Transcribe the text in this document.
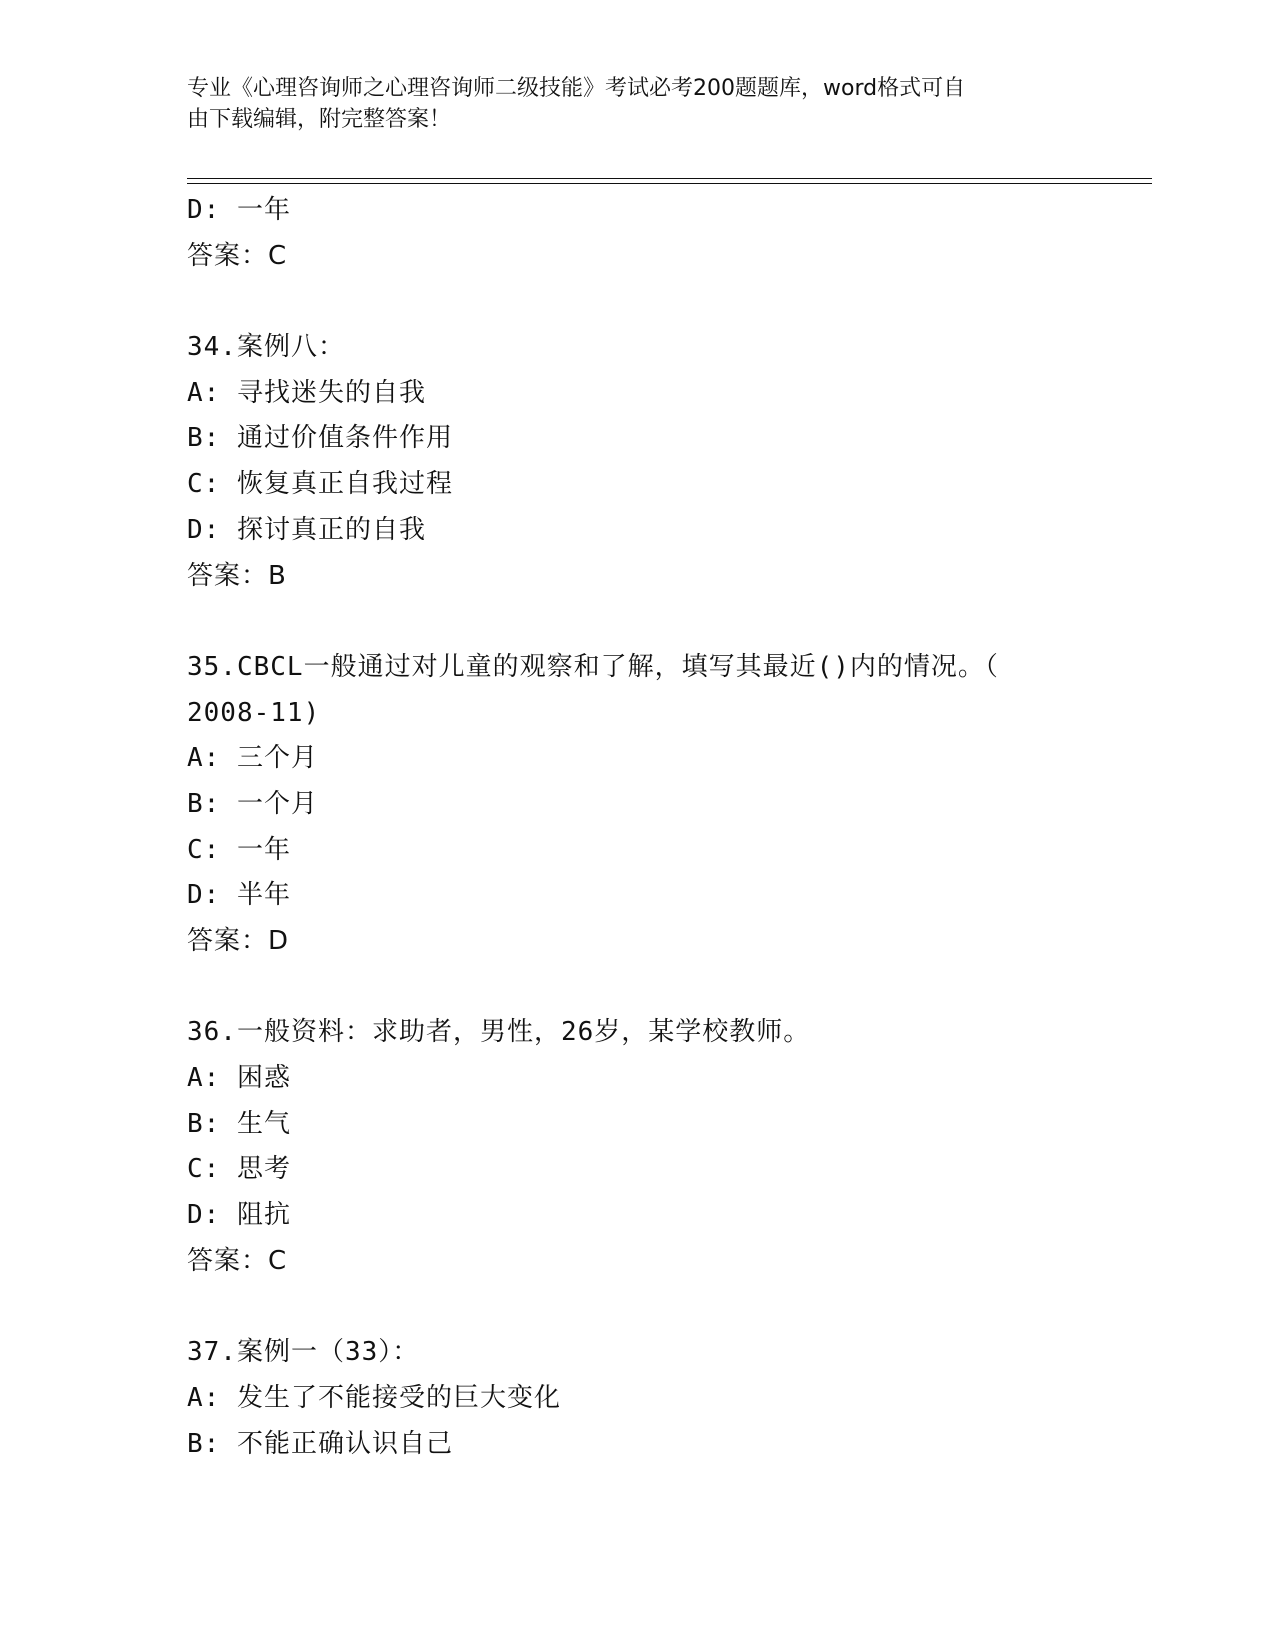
专业《心理咨询师之心理咨询师二级技能》考试必考200题题库，word格式可自
由下载编辑，附完整答案！
D: 一年
答案：C
34.案例八：
A: 寻找迷失的自我
B: 通过价值条件作用
C: 恢复真正自我过程
D: 探讨真正的自我
答案：B
35.CBCL一般通过对儿童的观察和了解，填写其最近()内的情况。（
2008-11)
A: 三个月
B: 一个月
C: 一年
D: 半年
答案：D
36.一般资料：求助者，男性，26岁，某学校教师。
A: 困惑
B: 生气
C: 思考
D: 阻抗
答案：C
37.案例一（33）：
A: 发生了不能接受的巨大变化
B: 不能正确认识自己
